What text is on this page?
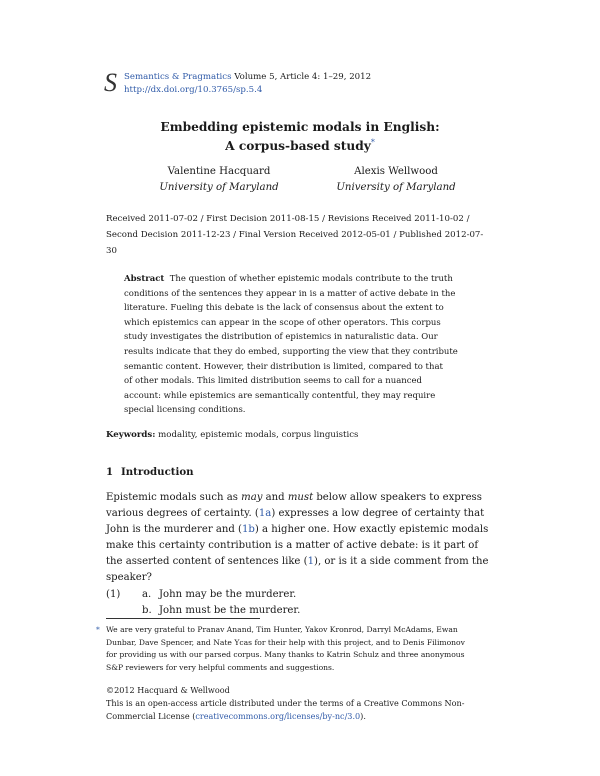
S Semantics & Pragmatics Volume 5, Article 4: 1–29, 2012
http://dx.doi.org/10.3765/sp.5.4
Embedding epistemic modals in English:
A corpus-based study*
Valentine Hacquard
University of Maryland
Alexis Wellwood
University of Maryland
Received 2011-07-02 / First Decision 2011-08-15 / Revisions Received 2011-10-02 /
Second Decision 2011-12-23 / Final Version Received 2012-05-01 / Published 2012-07-
30
Abstract The question of whether epistemic modals contribute to the truth
conditions of the sentences they appear in is a matter of active debate in the
literature. Fueling this debate is the lack of consensus about the extent to
which epistemics can appear in the scope of other operators. This corpus
study investigates the distribution of epistemics in naturalistic data. Our
results indicate that they do embed, supporting the view that they contribute
semantic content. However, their distribution is limited, compared to that
of other modals. This limited distribution seems to call for a nuanced
account: while epistemics are semantically contentful, they may require
special licensing conditions.
Keywords: modality, epistemic modals, corpus linguistics
1 Introduction
Epistemic modals such as may and must below allow speakers to express
various degrees of certainty. (1a) expresses a low degree of certainty that
John is the murderer and (1b) a higher one. How exactly epistemic modals
make this certainty contribution is a matter of active debate: is it part of
the asserted content of sentences like (1), or is it a side comment from the
speaker?
(1) a. John may be the murderer.
b. John must be the murderer.
* We are very grateful to Pranav Anand, Tim Hunter, Yakov Kronrod, Darryl McAdams, Ewan
Dunbar, Dave Spencer, and Nate Ycas for their help with this project, and to Denis Filimonov
for providing us with our parsed corpus. Many thanks to Katrin Schulz and three anonymous
S&P reviewers for very helpful comments and suggestions.
©2012 Hacquard & Wellwood
This is an open-access article distributed under the terms of a Creative Commons Non-
Commercial License (creativecommons.org/licenses/by-nc/3.0).
